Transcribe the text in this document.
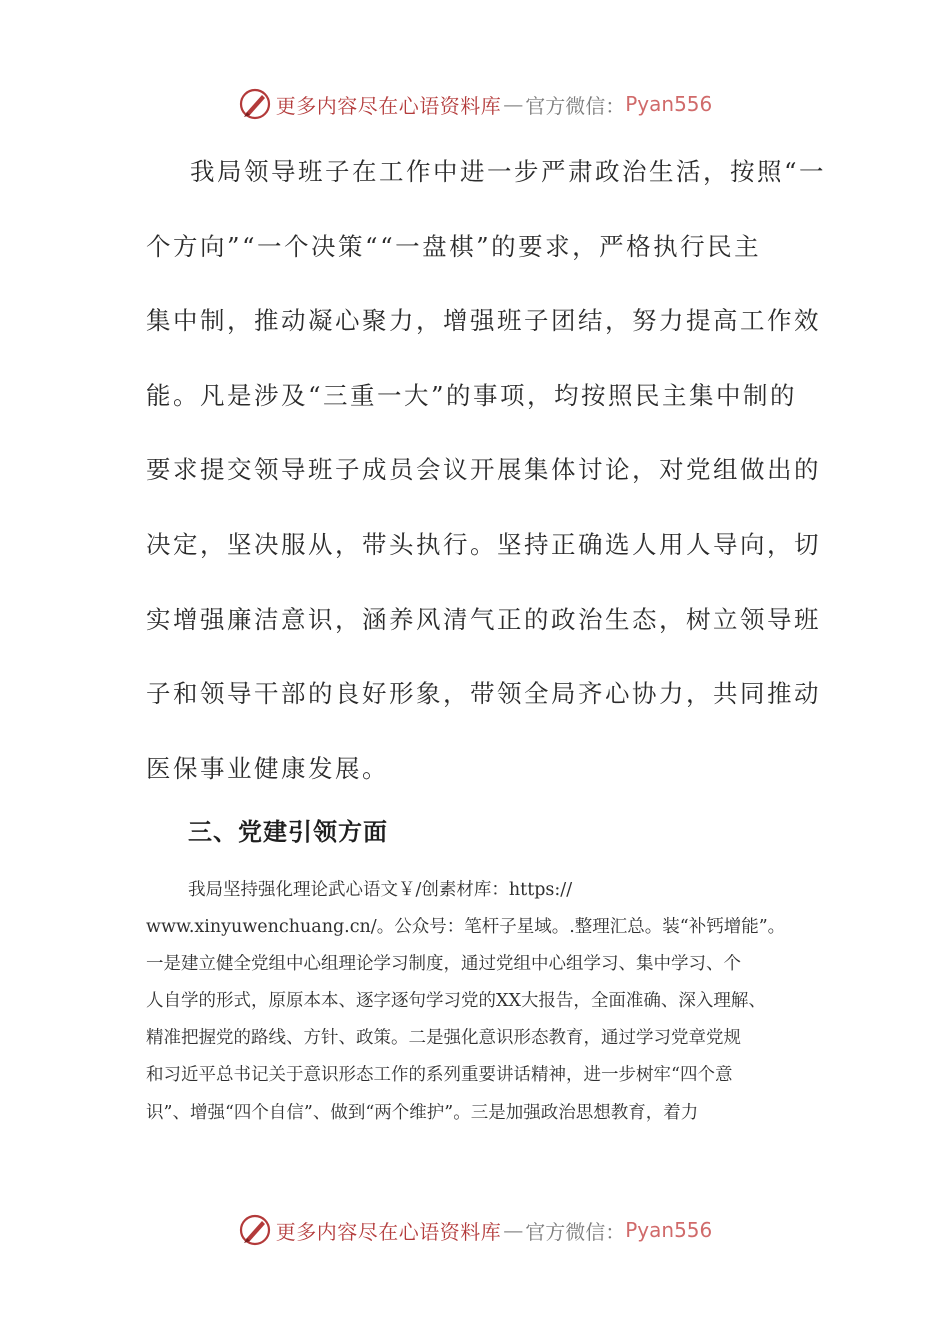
更多内容尽在心语资料库 — 官方微信： Pyan556
我局领导班子在工作中进一步严肃政治生活，按照“一
个方向”“一个决策““一盘棋”的要求，严格执行民主
集中制，推动凝心聚力，增强班子团结，努力提高工作效
能。凡是涉及“三重一大”的事项，均按照民主集中制的
要求提交领导班子成员会议开展集体讨论，对党组做出的
决定，坚决服从，带头执行。坚持正确选人用人导向，切
实增强廉洁意识，涵养风清气正的政治生态，树立领导班
子和领导干部的良好形象，带领全局齐心协力，共同推动
医保事业健康发展。
三、党建引领方面
我局坚持强化理论武心语文￥/创素材库：https://
www.xinyuwenchuang.cn/。公众号：笔杆子星域。.整理汇总。装“补钙增能”。
一是建立健全党组中心组理论学习制度，通过党组中心组学习、集中学习、个
人自学的形式，原原本本、逐字逐句学习党的XX大报告，全面准确、深入理解、
精准把握党的路线、方针、政策。二是强化意识形态教育，通过学习党章党规
和习近平总书记关于意识形态工作的系列重要讲话精神，进一步树牢“四个意
识”、增强“四个自信”、做到“两个维护”。三是加强政治思想教育，着力
更多内容尽在心语资料库 — 官方微信： Pyan556
